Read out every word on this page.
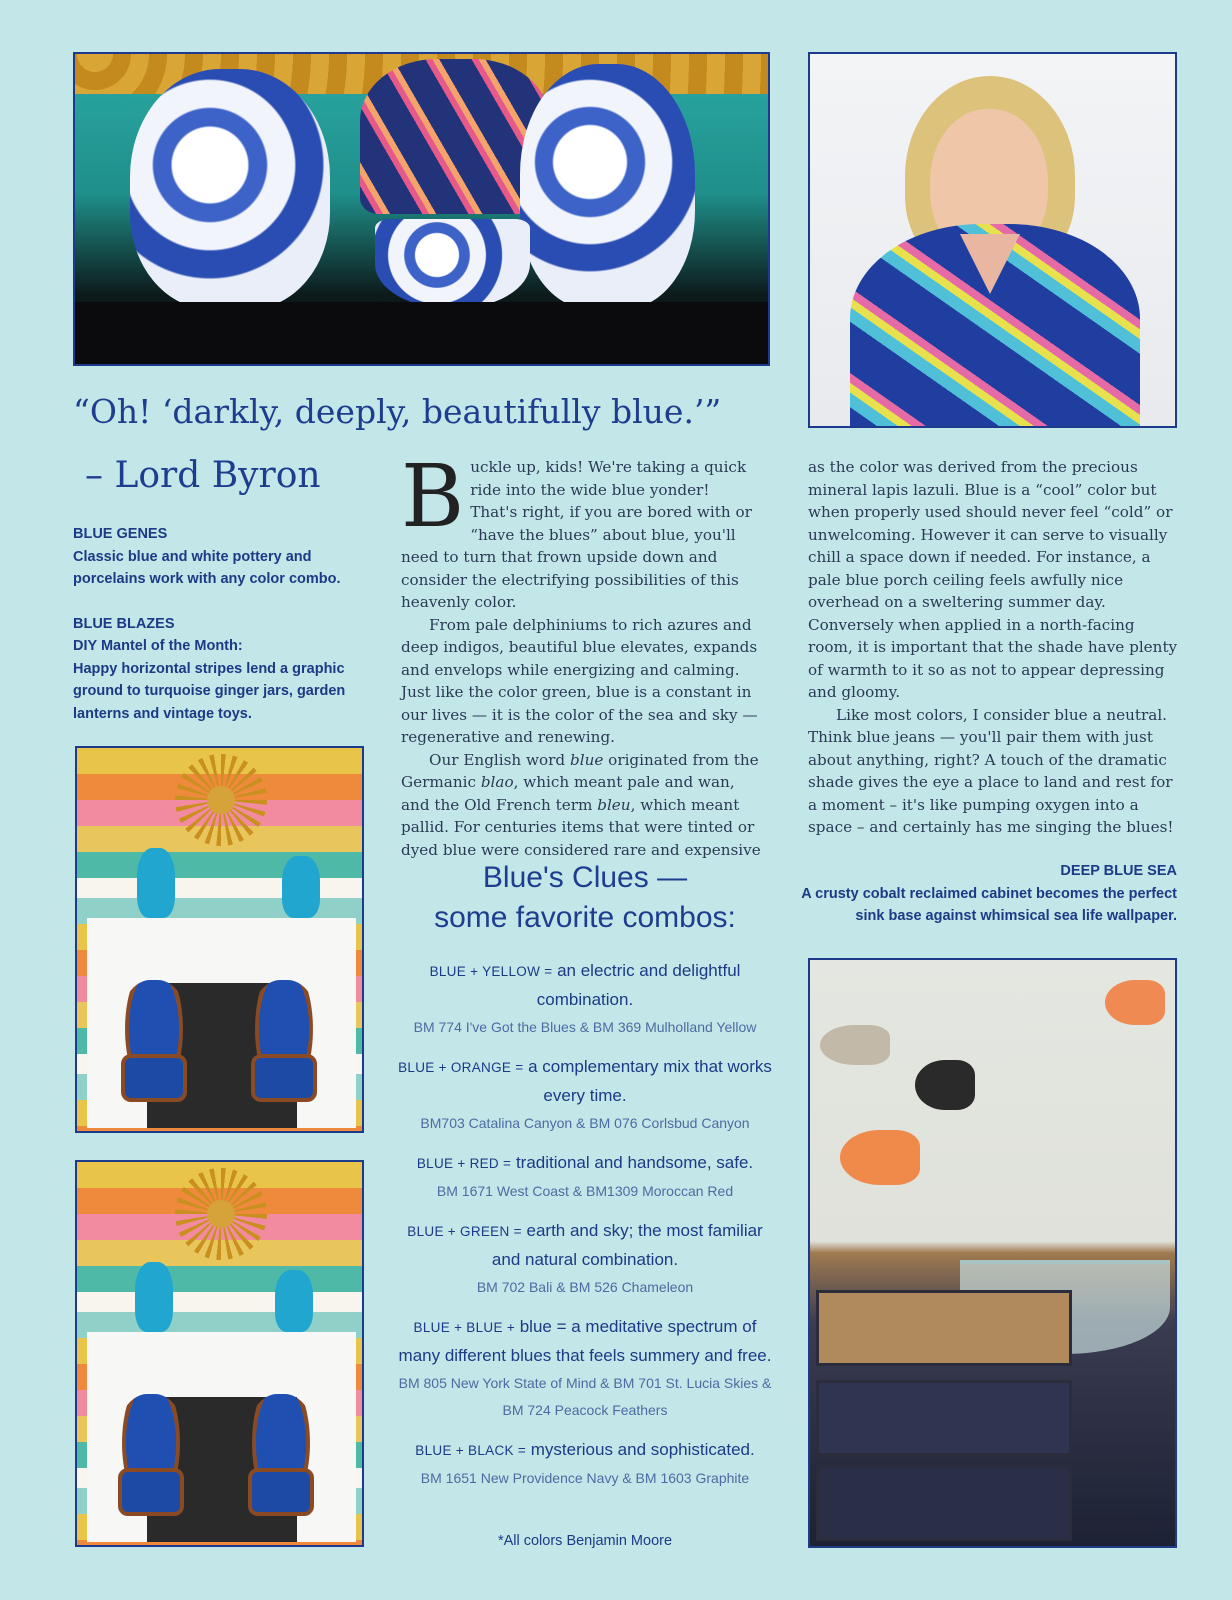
“Oh! ‘darkly, deeply, beautifully blue.’”
– Lord Byron

BLUE GENES

Classic blue and white pottery and porcelains work with any color combo.

BLUE BLAZES

DIY Mantel of the Month:

Happy horizontal stripes lend a graphic ground to turquoise ginger jars, garden lanterns and vintage toys.

B uckle up, kids! We're taking a quick ride into the wide blue yonder! That's right, if you are bored with or “have the blues” about blue, you'll need to turn that frown upside down and consider the electrifying possibilities of this heavenly color.

From pale delphiniums to rich azures and deep indigos, beautiful blue elevates, expands and envelops while energizing and calming. Just like the color green, blue is a constant in our lives — it is the color of the sea and sky — regenerative and renewing.

Our English word blue originated from the Germanic blao, which meant pale and wan, and the Old French term bleu, which meant pallid. For centuries items that were tinted or dyed blue were considered rare and expensive

as the color was derived from the precious mineral lapis lazuli. Blue is a “cool” color but when properly used should never feel “cold” or unwelcoming. However it can serve to visually chill a space down if needed. For instance, a pale blue porch ceiling feels awfully nice overhead on a sweltering summer day. Conversely when applied in a north-facing room, it is important that the shade have plenty of warmth to it so as not to appear depressing and gloomy.

Like most colors, I consider blue a neutral. Think blue jeans — you'll pair them with just about anything, right? A touch of the dramatic shade gives the eye a place to land and rest for a moment – it's like pumping oxygen into a space – and certainly has me singing the blues!

DEEP BLUE SEA

A crusty cobalt reclaimed cabinet becomes the perfect sink base against whimsical sea life wallpaper.

Blue's Clues —
some favorite combos:
BLUE + YELLOW = an electric and delightful combination.
BM 774 I've Got the Blues & BM 369 Mulholland Yellow
BLUE + ORANGE = a complementary mix that works every time.
BM703 Catalina Canyon & BM 076 Corlsbud Canyon
BLUE + RED = traditional and handsome, safe.
BM 1671 West Coast & BM1309 Moroccan Red
BLUE + GREEN = earth and sky; the most familiar and natural combination.
BM 702 Bali & BM 526 Chameleon
BLUE + BLUE + blue = a meditative spectrum of many different blues that feels summery and free.
BM 805 New York State of Mind & BM 701 St. Lucia Skies & BM 724 Peacock Feathers
BLUE + BLACK = mysterious and sophisticated.
BM 1651 New Providence Navy & BM 1603 Graphite
*All colors Benjamin Moore
